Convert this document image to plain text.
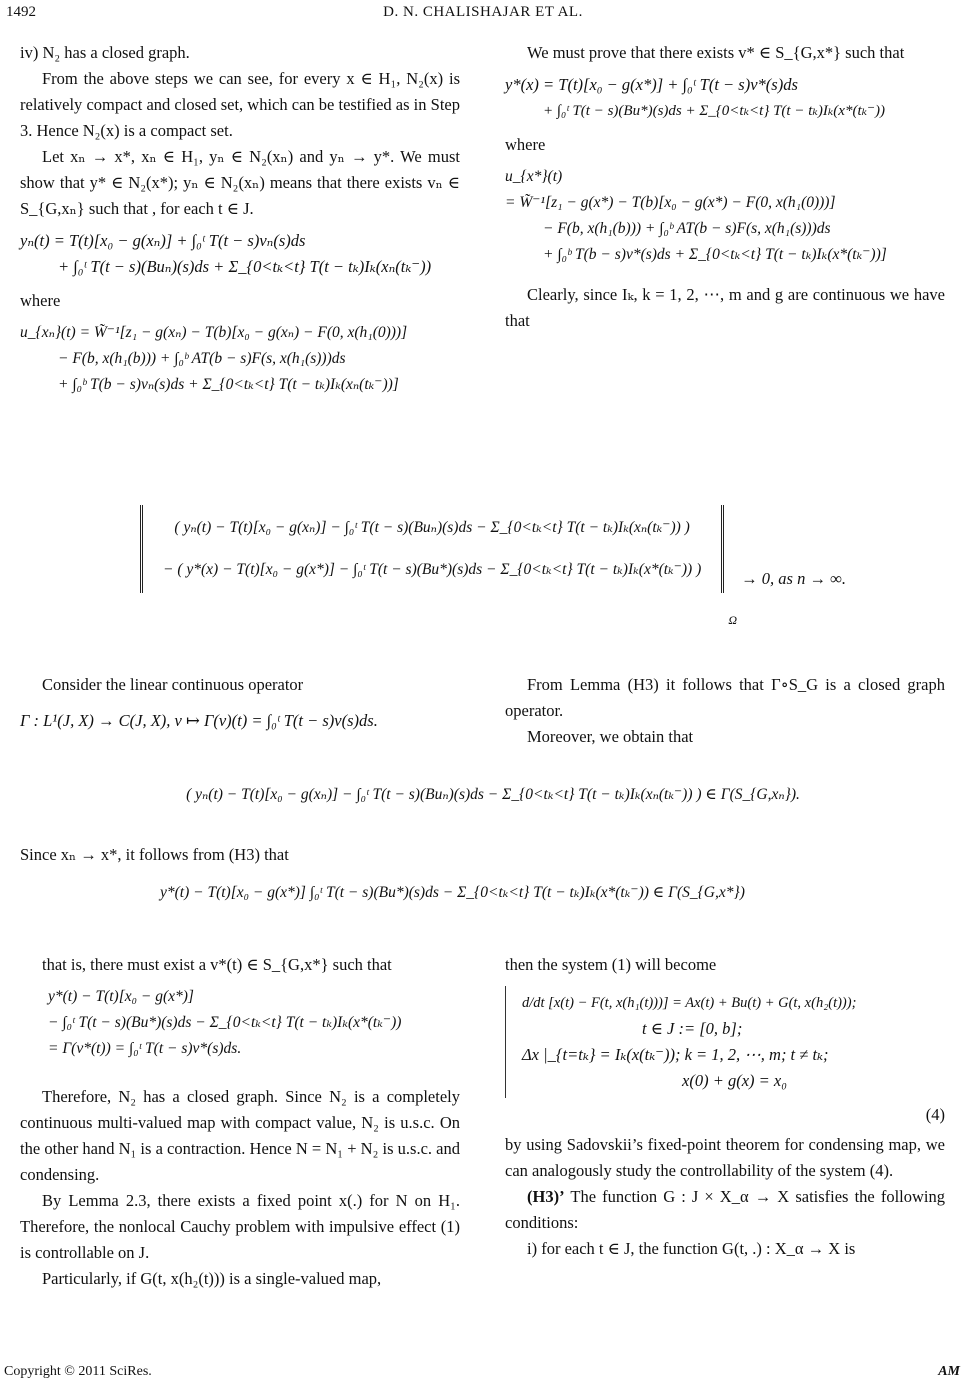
1492	D. N. CHALISHAJAR ET AL.

iv) N₂ has a closed graph.

From the above steps we can see, for every x ∈ H₁, N₂(x) is relatively compact and closed set, which can be testified as in Step 3. Hence N₂(x) is a compact set.

Let xₙ → x*, xₙ ∈ H₁, yₙ ∈ N₂(xₙ) and yₙ → y*. We must show that y* ∈ N₂(x*); yₙ ∈ N₂(xₙ) means that there exists vₙ ∈ S_{G,xₙ} such that , for each t ∈ J.

yₙ(t) = T(t)[x₀ − g(xₙ)] + ∫₀ᵗ T(t − s)vₙ(s)ds

+ ∫₀ᵗ T(t − s)(Buₙ)(s)ds + Σ_{0<tₖ<t} T(t − tₖ)Iₖ(xₙ(tₖ⁻))

where

u_{xₙ}(t) = W̃⁻¹[z₁ − g(xₙ) − T(b)[x₀ − g(xₙ) − F(0, x(h₁(0)))]

− F(b, x(h₁(b))) + ∫₀ᵇ AT(b − s)F(s, x(h₁(s)))ds

+ ∫₀ᵇ T(b − s)vₙ(s)ds + Σ_{0<tₖ<t} T(t − tₖ)Iₖ(xₙ(tₖ⁻))]

We must prove that there exists v* ∈ S_{G,x*} such that

y*(x) = T(t)[x₀ − g(x*)] + ∫₀ᵗ T(t − s)v*(s)ds

+ ∫₀ᵗ T(t − s)(Bu*)(s)ds + Σ_{0<tₖ<t} T(t − tₖ)Iₖ(x*(tₖ⁻))

where

u_{x*}(t)

= W̃⁻¹[z₁ − g(x*) − T(b)[x₀ − g(x*) − F(0, x(h₁(0)))]

− F(b, x(h₁(b))) + ∫₀ᵇ AT(b − s)F(s, x(h₁(s)))ds

+ ∫₀ᵇ T(b − s)v*(s)ds + Σ_{0<tₖ<t} T(t − tₖ)Iₖ(x*(tₖ⁻))]

Clearly, since Iₖ, k = 1, 2, ⋯, m and g are continuous we have that

( yₙ(t) − T(t)[x₀ − g(xₙ)] − ∫₀ᵗ T(t − s)(Buₙ)(s)ds − Σ_{0<tₖ<t} T(t − tₖ)Iₖ(xₙ(tₖ⁻)) )

− ( y*(x) − T(t)[x₀ − g(x*)] − ∫₀ᵗ T(t − s)(Bu*)(s)ds − Σ_{0<tₖ<t} T(t − tₖ)Iₖ(x*(tₖ⁻)) )

$_\Omega$ → 0, as n → ∞.

Consider the linear continuous operator

Γ : L¹(J, X) → C(J, X), v ↦ Γ(v)(t) = ∫₀ᵗ T(t − s)v(s)ds.

From Lemma (H3) it follows that Γ∘S_G is a closed graph operator.

Moreover, we obtain that

( yₙ(t) − T(t)[x₀ − g(xₙ)] − ∫₀ᵗ T(t − s)(Buₙ)(s)ds − Σ_{0<tₖ<t} T(t − tₖ)Iₖ(xₙ(tₖ⁻)) ) ∈ Γ(S_{G,xₙ}).

Since xₙ → x*, it follows from (H3) that

y*(t) − T(t)[x₀ − g(x*)] ∫₀ᵗ T(t − s)(Bu*)(s)ds − Σ_{0<tₖ<t} T(t − tₖ)Iₖ(x*(tₖ⁻)) ∈ Γ(S_{G,x*})

that is, there must exist a v*(t) ∈ S_{G,x*} such that

y*(t) − T(t)[x₀ − g(x*)]

− ∫₀ᵗ T(t − s)(Bu*)(s)ds − Σ_{0<tₖ<t} T(t − tₖ)Iₖ(x*(tₖ⁻))

= Γ(v*(t)) = ∫₀ᵗ T(t − s)v*(s)ds.

Therefore, N₂ has a closed graph. Since N₂ is a completely continuous multi-valued map with compact value, N₂ is u.s.c. On the other hand N₁ is a contraction. Hence N = N₁ + N₂ is u.s.c. and condensing.

By Lemma 2.3, there exists a fixed point x(.) for N on H₁. Therefore, the nonlocal Cauchy problem with impulsive effect (1) is controllable on J.

Particularly, if G(t, x(h₂(t))) is a single-valued map,

then the system (1) will become

d/dt [x(t) − F(t, x(h₁(t)))] = Ax(t) + Bu(t) + G(t, x(h₂(t)));

t ∈ J := [0, b];

Δx |_{t=tₖ} = Iₖ(x(tₖ⁻)); k = 1, 2, ⋯, m; t ≠ tₖ;

x(0) + g(x) = x₀

(4)

by using Sadovskii’s fixed-point theorem for condensing map, we can analogously study the controllability of the system (4).

(H3)’ The function G : J × X_α → X satisfies the following conditions:

i) for each t ∈ J, the function G(t, .) : X_α → X is

Copyright © 2011 SciRes.	AM
